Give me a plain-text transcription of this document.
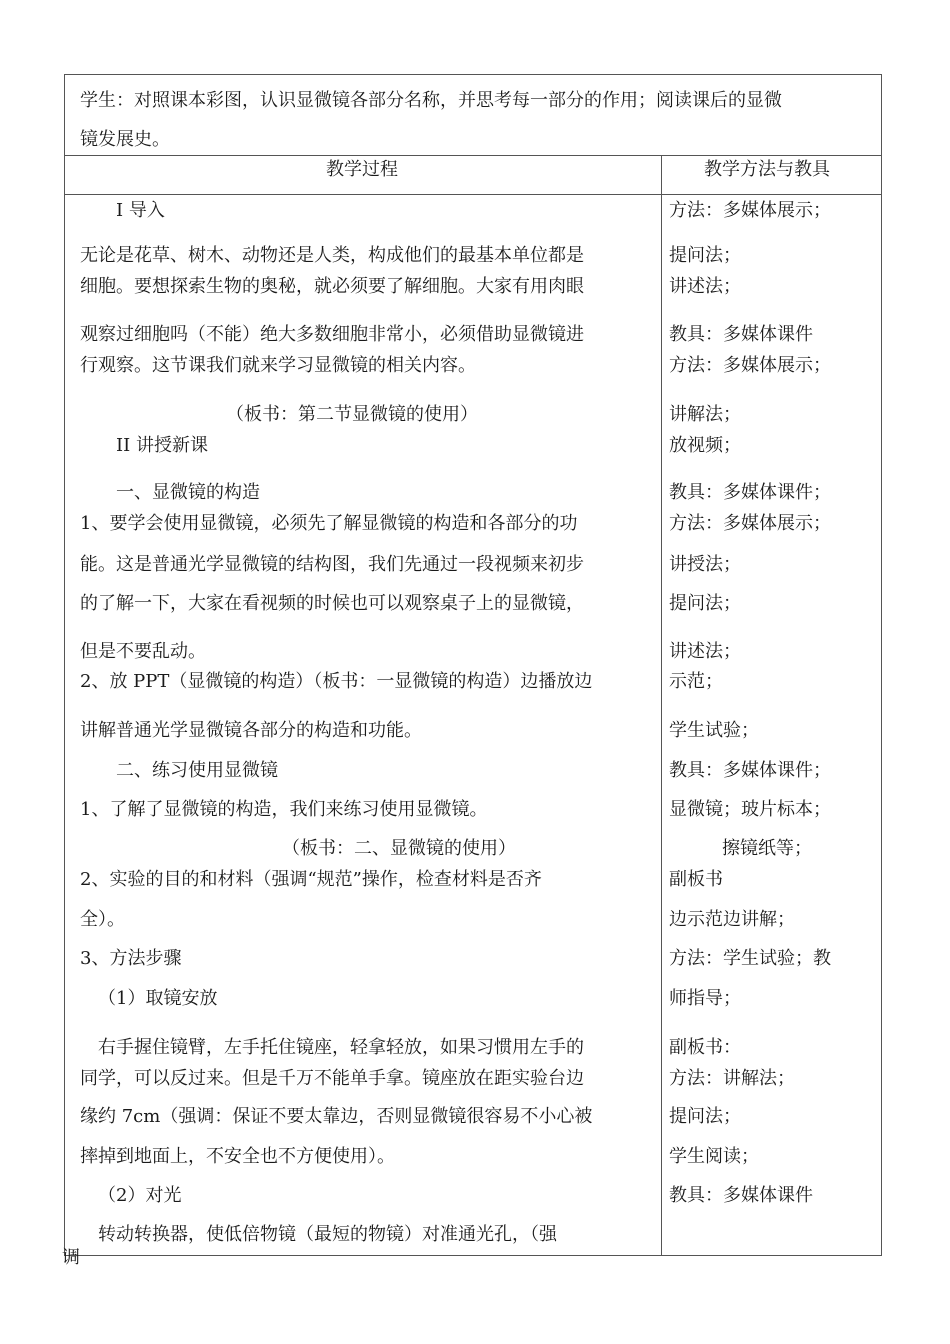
学生：对照课本彩图，认识显微镜各部分名称，并思考每一部分的作用；阅读课后的显微
镜发展史。
教学过程	教学方法与教具
I 导入
无论是花草、树木、动物还是人类，构成他们的最基本单位都是
细胞。要想探索生物的奥秘，就必须要了解细胞。大家有用肉眼
观察过细胞吗（不能）绝大多数细胞非常小，必须借助显微镜进
行观察。这节课我们就来学习显微镜的相关内容。
（板书：第二节显微镜的使用）
II 讲授新课
一、显微镜的构造
1、要学会使用显微镜，必须先了解显微镜的构造和各部分的功
能。这是普通光学显微镜的结构图，我们先通过一段视频来初步
的了解一下，大家在看视频的时候也可以观察桌子上的显微镜，
但是不要乱动。
2、放 PPT（显微镜的构造）（板书：一显微镜的构造）边播放边
讲解普通光学显微镜各部分的构造和功能。
二、练习使用显微镜
1、了解了显微镜的构造，我们来练习使用显微镜。
（板书：二、显微镜的使用）
2、实验的目的和材料（强调“规范”操作，检查材料是否齐
全）。
3、方法步骤
（1）取镜安放
右手握住镜臂，左手托住镜座，轻拿轻放，如果习惯用左手的
同学，可以反过来。但是千万不能单手拿。镜座放在距实验台边
缘约 7cm（强调：保证不要太靠边，否则显微镜很容易不小心被
摔掉到地面上，不安全也不方便使用）。
（2）对光
转动转换器，使低倍物镜（最短的物镜）对准通光孔，（强
方法：多媒体展示；
提问法；
讲述法；
教具：多媒体课件
方法：多媒体展示；
讲解法；
放视频；
教具：多媒体课件；
方法：多媒体展示；
讲授法；
提问法；
讲述法；
示范；
学生试验；
教具：多媒体课件；
显微镜；玻片标本；
擦镜纸等；
副板书
边示范边讲解；
方法：学生试验；教
师指导；
副板书：
方法：讲解法；
提问法；
学生阅读；
教具：多媒体课件
调
